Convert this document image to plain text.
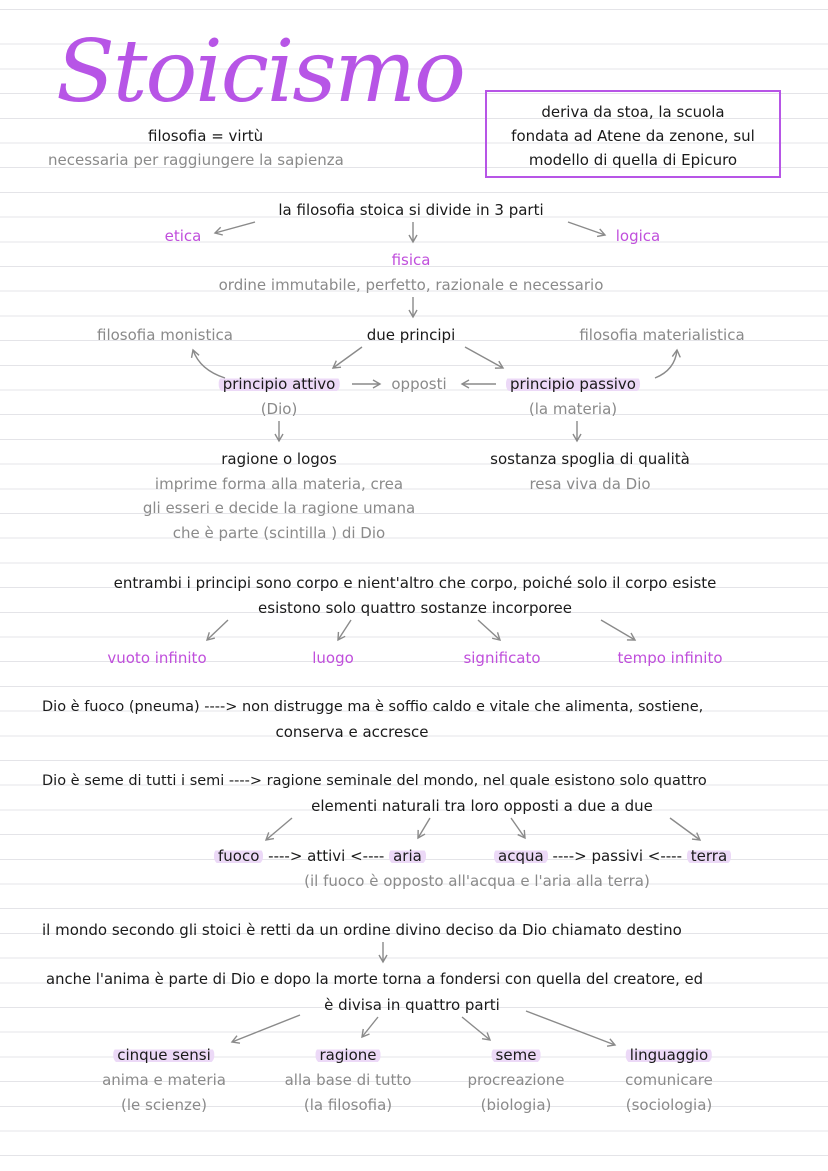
Stoicismo
filosofia = virtù
necessaria per raggiungere la sapienza
deriva da stoa, la scuola
fondata ad Atene da zenone, sul
modello di quella di Epicuro
la filosofia stoica si divide in 3 parti
etica
fisica
logica
ordine immutabile, perfetto, razionale e necessario
filosofia monistica	due principi	filosofia materialistica
principio attivo	opposti	principio passivo
(Dio)	(la materia)
ragione o logos
imprime forma alla materia, crea
gli esseri e decide la ragione umana
che è parte (scintilla ) di Dio
sostanza spoglia di qualità
resa viva da Dio
entrambi i principi sono corpo e nient'altro che corpo, poiché solo il corpo esiste
esistono solo quattro sostanze incorporee
vuoto infinito	luogo	significato	tempo infinito
Dio è fuoco (pneuma) ----> non distrugge ma è soffio caldo e vitale che alimenta, sostiene,
conserva e accresce
Dio è seme di tutti i semi ----> ragione seminale del mondo, nel quale esistono solo quattro
elementi naturali tra loro opposti a due a due
fuoco ----> attivi <---- aria	acqua ----> passivi <---- terra
(il fuoco è opposto all'acqua e l'aria alla terra)
il mondo secondo gli stoici è retti da un ordine divino deciso da Dio chiamato destino
anche l'anima è parte di Dio e dopo la morte torna a fondersi con quella del creatore, ed
è divisa in quattro parti
cinque sensi
anima e materia
(le scienze)
ragione
alla base di tutto
(la filosofia)
seme
procreazione
(biologia)
linguaggio
comunicare
(sociologia)
